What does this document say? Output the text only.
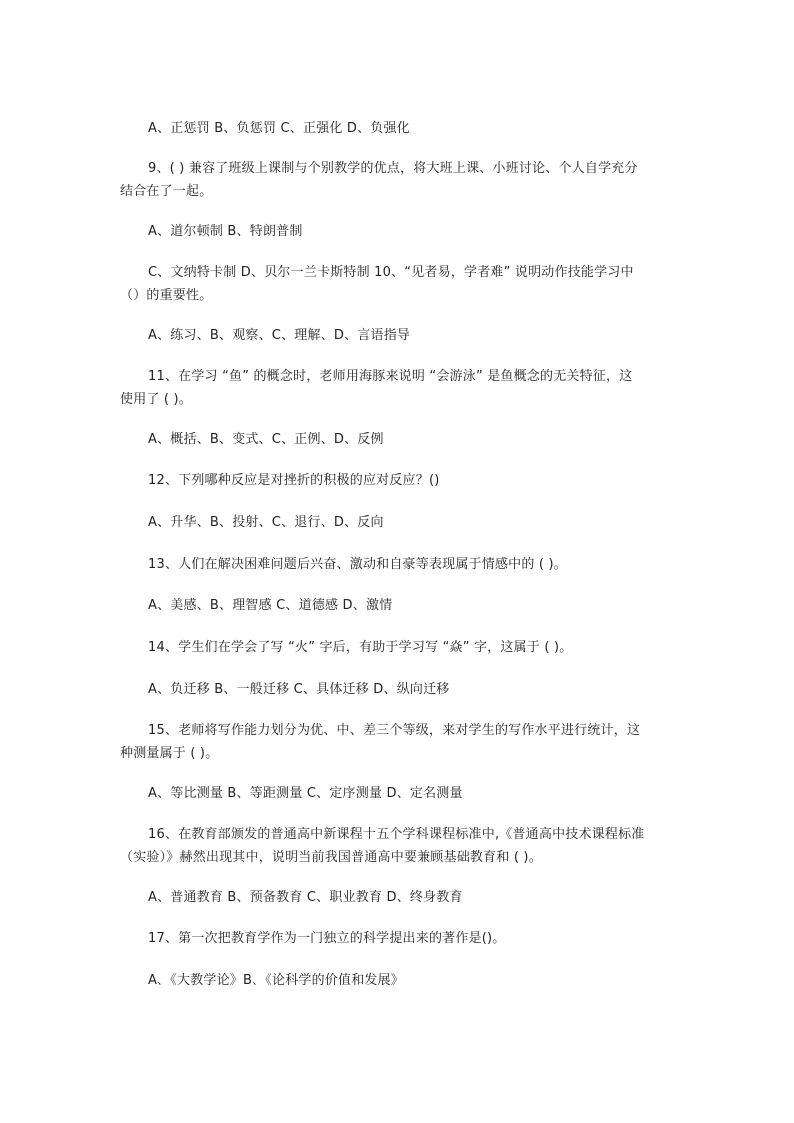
A、正惩罚 B、负惩罚 C、正强化 D、负强化
9、( ) 兼容了班级上课制与个别教学的优点，将大班上课、小班讨论、个人自学充分
结合在了一起。
A、道尔顿制 B、特朗普制
C、文纳特卡制 D、贝尔一兰卡斯特制 10、“见者易，学者难” 说明动作技能学习中
（）的重要性。
A、练习、B、观察、C、理解、D、言语指导
11、在学习 “鱼” 的概念时，老师用海豚来说明 “会游泳” 是鱼概念的无关特征，这
使用了 ( )。
A、概括、B、变式、C、正例、D、反例
12、下列哪种反应是对挫折的积极的应对反应？()
A、升华、B、投射、C、退行、D、反向
13、人们在解决困难问题后兴奋、激动和自豪等表现属于情感中的 ( )。
A、美感、B、理智感 C、道德感 D、激情
14、学生们在学会了写 “火” 字后，有助于学习写 “焱” 字，这属于 ( )。
A、负迁移 B、一般迁移 C、具体迁移 D、纵向迁移
15、老师将写作能力划分为优、中、差三个等级，来对学生的写作水平进行统计，这
种测量属于 ( )。
A、等比测量 B、等距测量 C、定序测量 D、定名测量
16、在教育部颁发的普通高中新课程十五个学科课程标准中,《普通高中技术课程标准
（实验）》赫然出现其中，说明当前我国普通高中要兼顾基础教育和 ( )。
A、普通教育 B、预备教育 C、职业教育 D、终身教育
17、第一次把教育学作为一门独立的科学提出来的著作是()。
A､《大教学论》B､《论科学的价值和发展》
